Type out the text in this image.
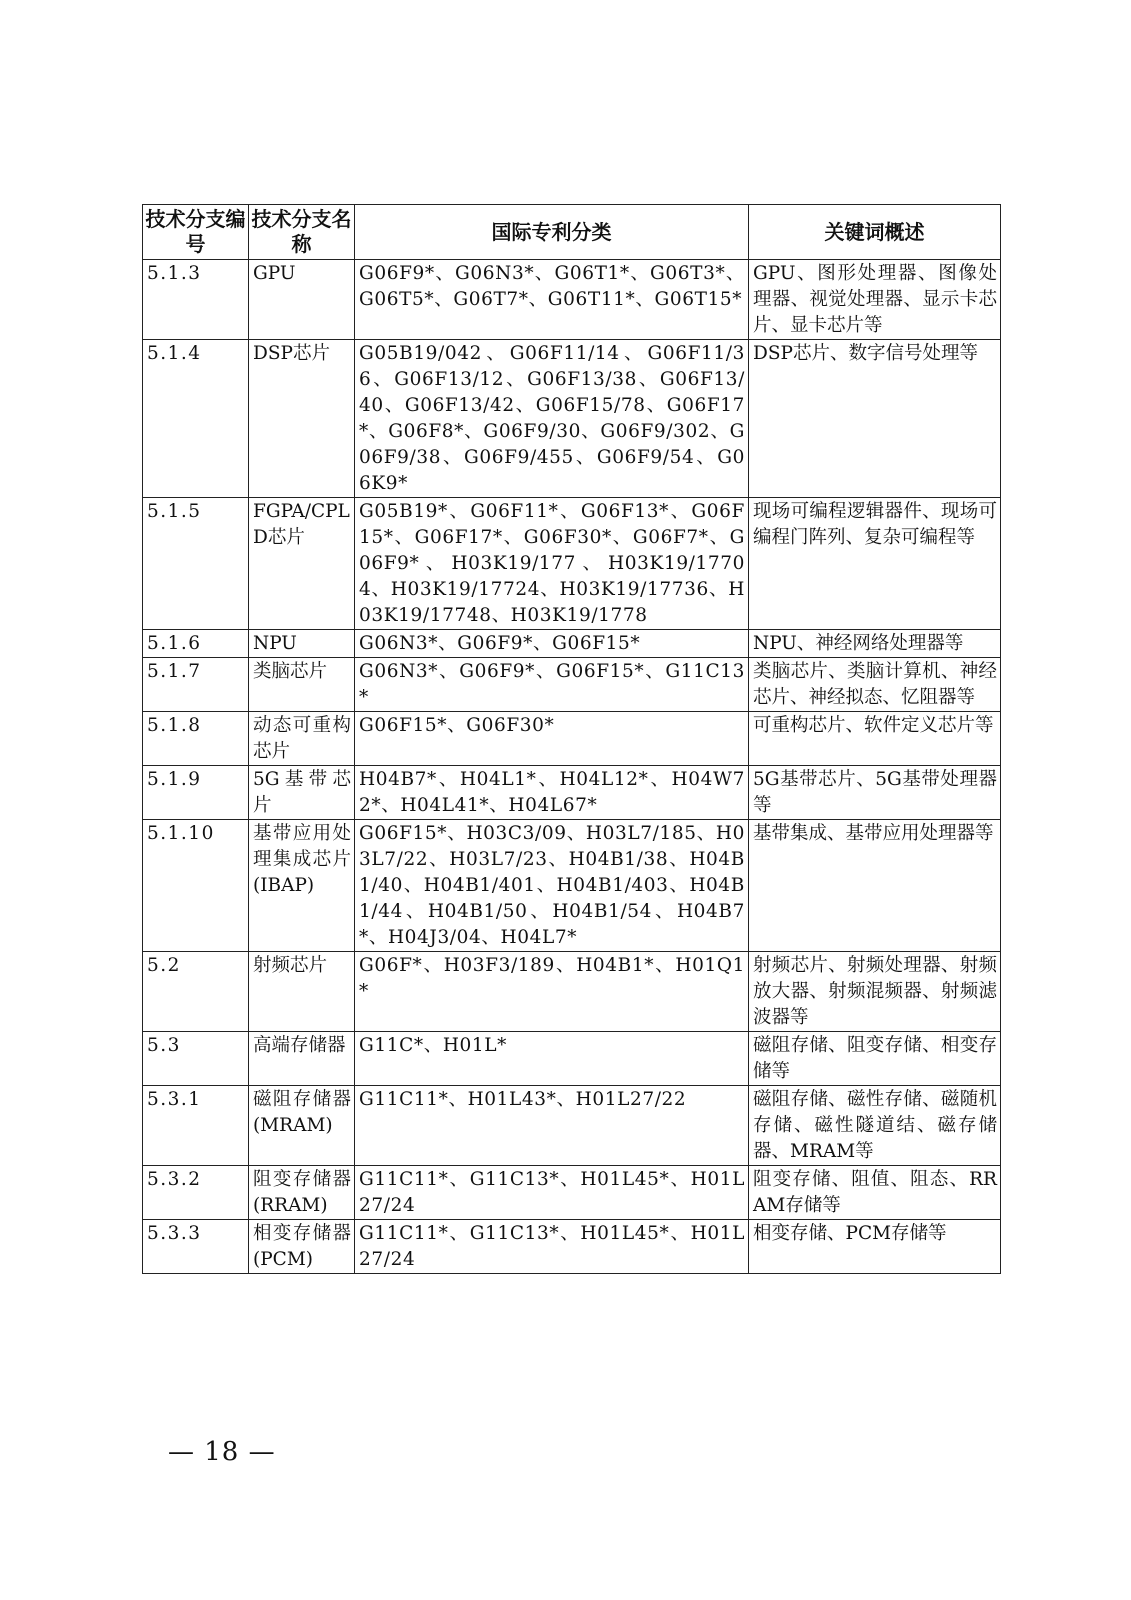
技术分支编号	技术分支名称	国际专利分类	关键词概述
5.1.3	GPU	G06F9*、G06N3*、G06T1*、G06T3*、G06T5*、G06T7*、G06T11*、G06T15*	GPU、图形处理器、图像处理器、视觉处理器、显示卡芯片、显卡芯片等
5.1.4	DSP芯片	G05B19/042、G06F11/14、G06F11/36、G06F13/12、G06F13/38、G06F13/40、G06F13/42、G06F15/78、G06F17*、G06F8*、G06F9/30、G06F9/302、G06F9/38、G06F9/455、G06F9/54、G06K9*	DSP芯片、数字信号处理等
5.1.5	FGPA/CPLD芯片	G05B19*、G06F11*、G06F13*、G06F15*、G06F17*、G06F30*、G06F7*、G06F9*、H03K19/177、H03K19/17704、H03K19/17724、H03K19/17736、H03K19/17748、H03K19/1778	现场可编程逻辑器件、现场可编程门阵列、复杂可编程等
5.1.6	NPU	G06N3*、G06F9*、G06F15*	NPU、神经网络处理器等
5.1.7	类脑芯片	G06N3*、G06F9*、G06F15*、G11C13*	类脑芯片、类脑计算机、神经芯片、神经拟态、忆阻器等
5.1.8	动态可重构芯片	G06F15*、G06F30*	可重构芯片、软件定义芯片等
5.1.9	5G基带芯片	H04B7*、H04L1*、H04L12*、H04W72*、H04L41*、H04L67*	5G基带芯片、5G基带处理器等
5.1.10	基带应用处理集成芯片(IBAP)	G06F15*、H03C3/09、H03L7/185、H03L7/22、H03L7/23、H04B1/38、H04B1/40、H04B1/401、H04B1/403、H04B1/44、H04B1/50、H04B1/54、H04B7*、H04J3/04、H04L7*	基带集成、基带应用处理器等
5.2	射频芯片	G06F*、H03F3/189、H04B1*、H01Q1*	射频芯片、射频处理器、射频放大器、射频混频器、射频滤波器等
5.3	高端存储器	G11C*、H01L*	磁阻存储、阻变存储、相变存储等
5.3.1	磁阻存储器(MRAM)	G11C11*、H01L43*、H01L27/22	磁阻存储、磁性存储、磁随机存储、磁性隧道结、磁存储器、MRAM等
5.3.2	阻变存储器(RRAM)	G11C11*、G11C13*、H01L45*、H01L27/24	阻变存储、阻值、阻态、RRAM存储等
5.3.3	相变存储器(PCM)	G11C11*、G11C13*、H01L45*、H01L27/24	相变存储、PCM存储等
— 18 —
